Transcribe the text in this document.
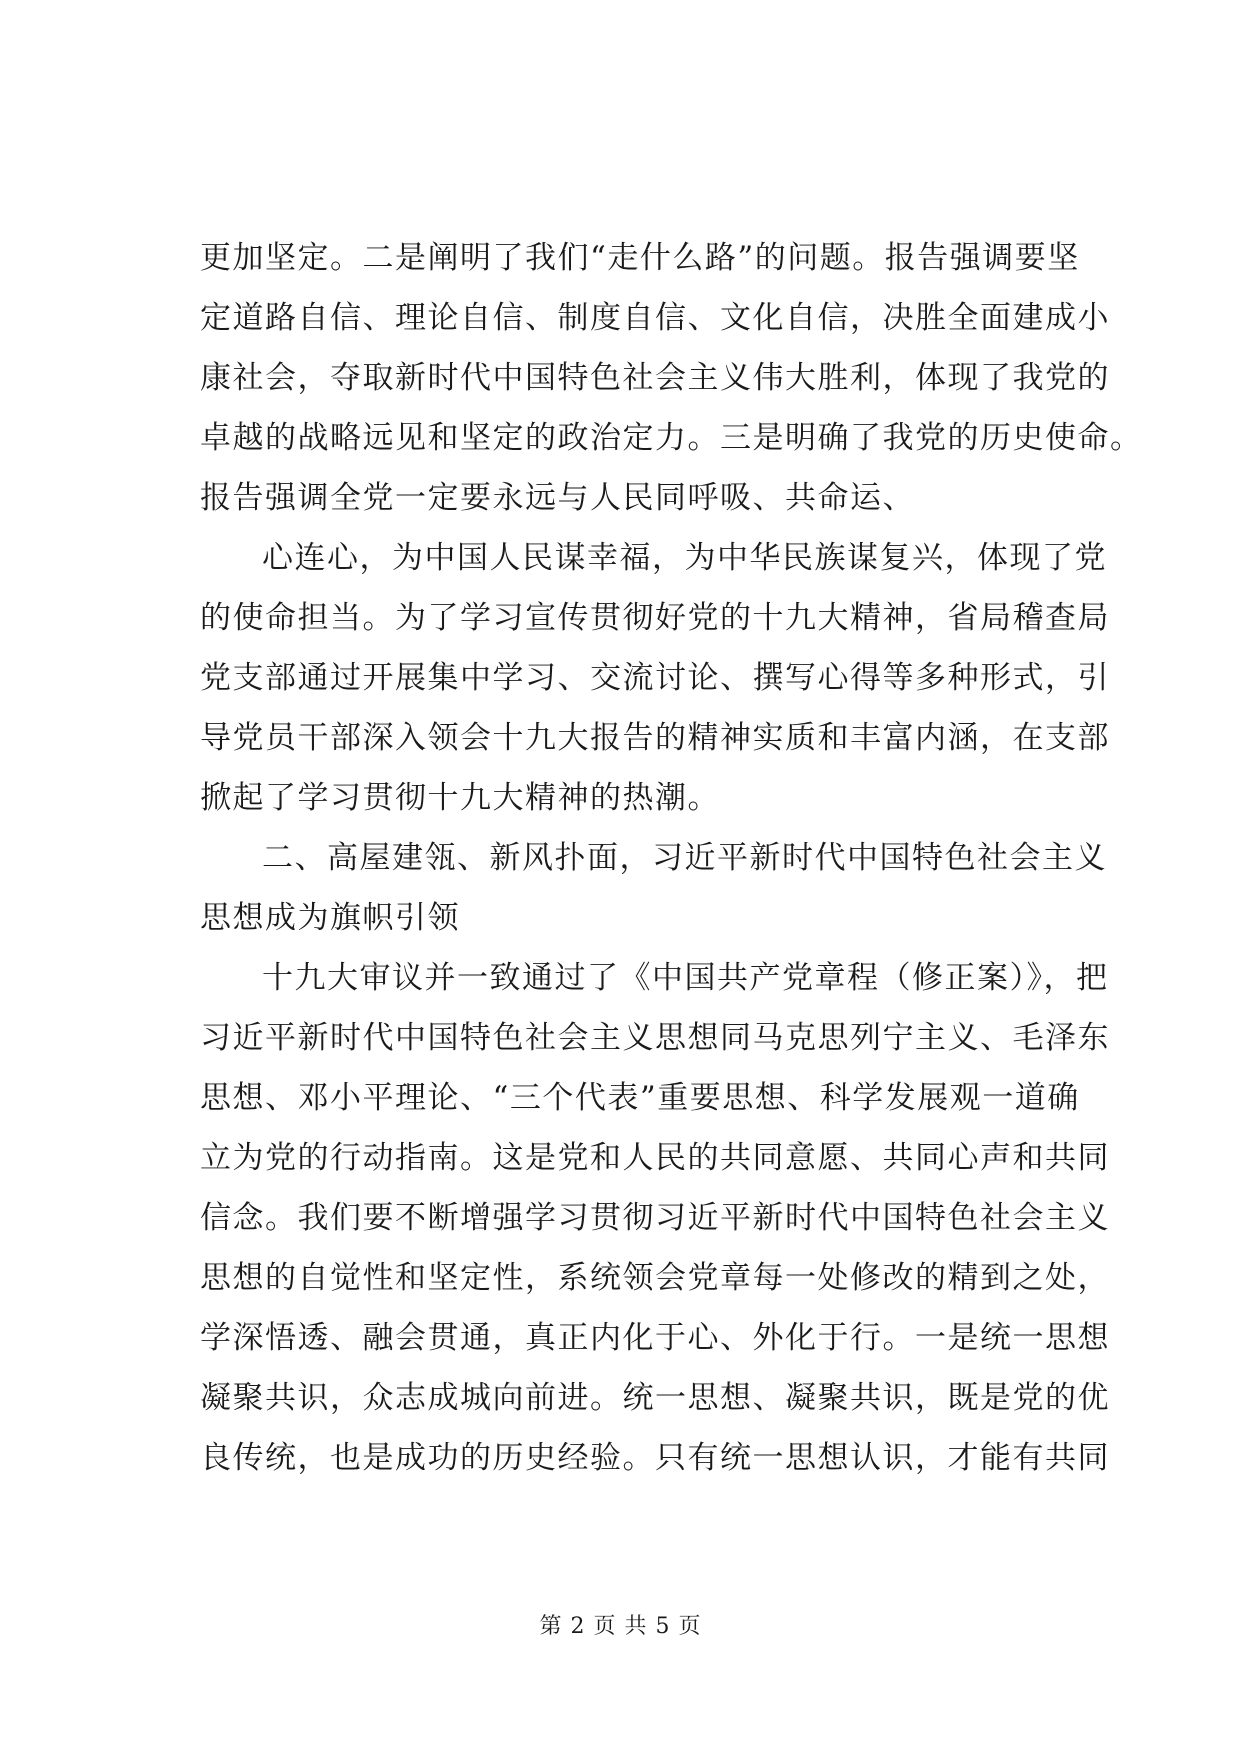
更加坚定。二是阐明了我们“走什么路”的问题。报告强调要坚
定道路自信、理论自信、制度自信、文化自信，决胜全面建成小
康社会，夺取新时代中国特色社会主义伟大胜利，体现了我党的
卓越的战略远见和坚定的政治定力。三是明确了我党的历史使命。
报告强调全党一定要永远与人民同呼吸、共命运、

心连心，为中国人民谋幸福，为中华民族谋复兴，体现了党
的使命担当。为了学习宣传贯彻好党的十九大精神，省局稽查局
党支部通过开展集中学习、交流讨论、撰写心得等多种形式，引
导党员干部深入领会十九大报告的精神实质和丰富内涵，在支部
掀起了学习贯彻十九大精神的热潮。

二、高屋建瓴、新风扑面，习近平新时代中国特色社会主义
思想成为旗帜引领

十九大审议并一致通过了《中国共产党章程（修正案）》，把
习近平新时代中国特色社会主义思想同马克思列宁主义、毛泽东
思想、邓小平理论、“三个代表”重要思想、科学发展观一道确
立为党的行动指南。这是党和人民的共同意愿、共同心声和共同
信念。我们要不断增强学习贯彻习近平新时代中国特色社会主义
思想的自觉性和坚定性，系统领会党章每一处修改的精到之处，
学深悟透、融会贯通，真正内化于心、外化于行。一是统一思想
凝聚共识，众志成城向前进。统一思想、凝聚共识，既是党的优
良传统，也是成功的历史经验。只有统一思想认识，才能有共同

第 2 页 共 5 页
